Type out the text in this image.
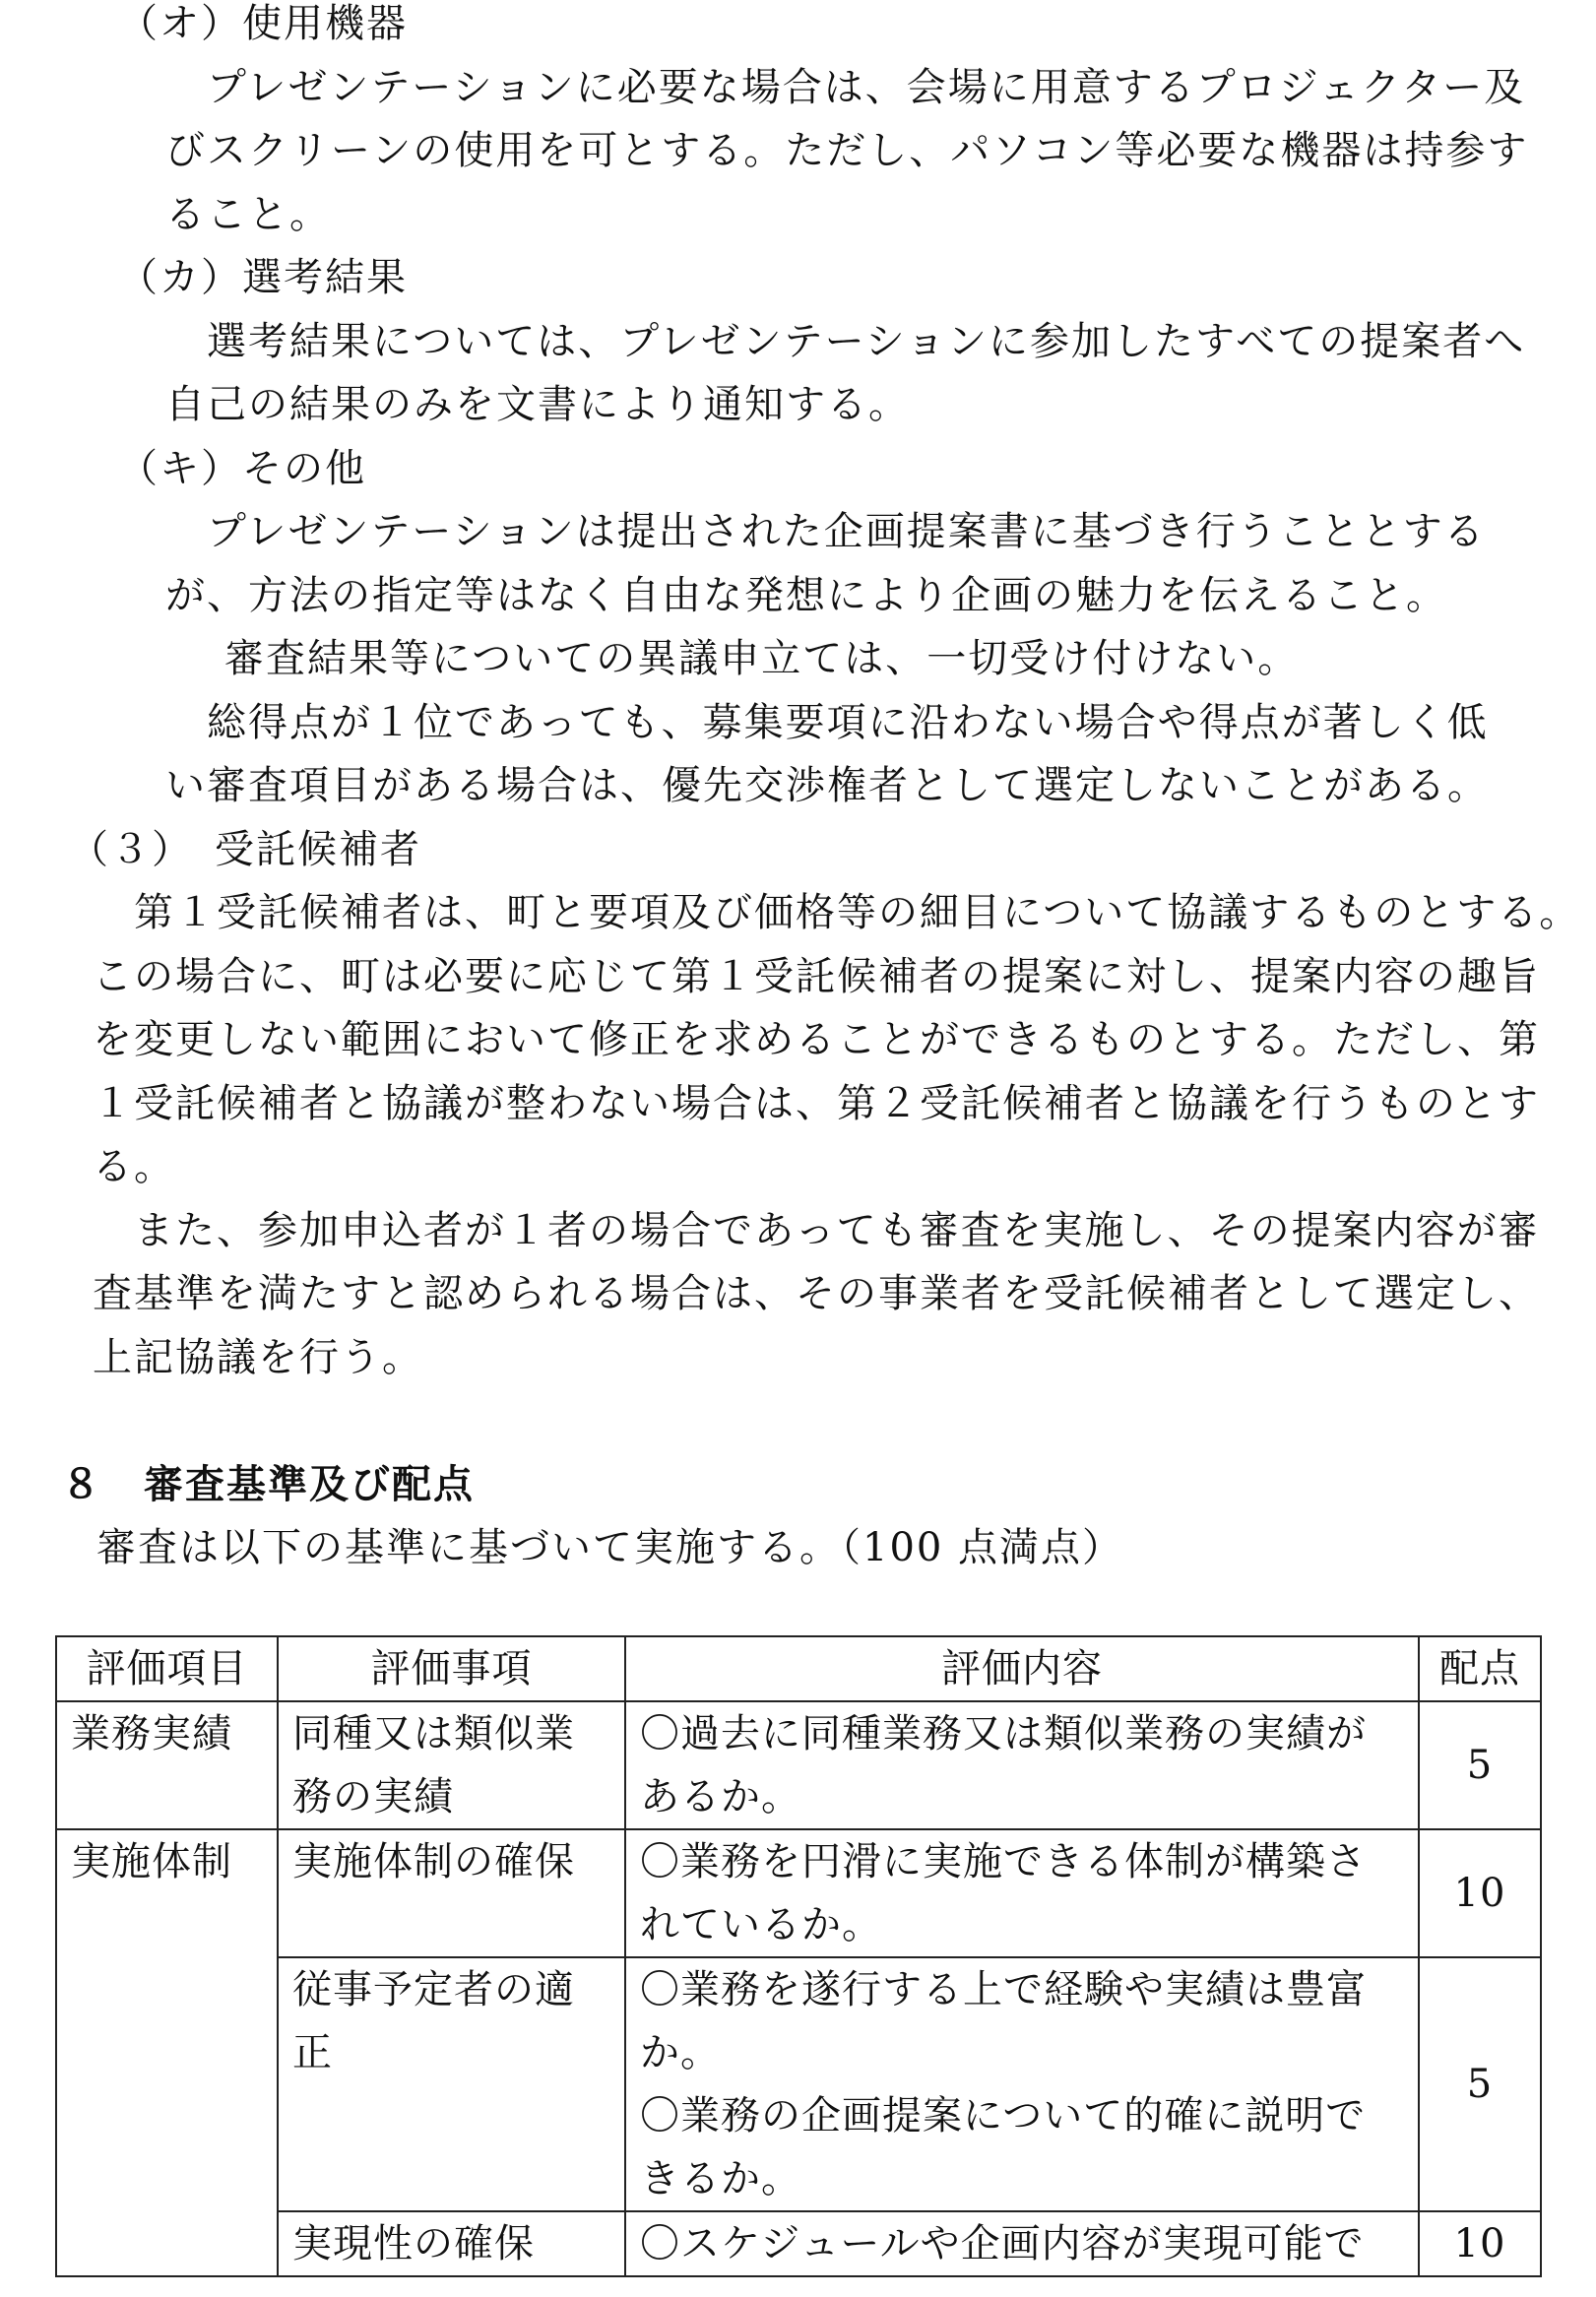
（オ）使用機器
プレゼンテーションに必要な場合は、会場に用意するプロジェクター及
びスクリーンの使用を可とする。ただし、パソコン等必要な機器は持参す
ること。
（カ）選考結果
選考結果については、プレゼンテーションに参加したすべての提案者へ
自己の結果のみを文書により通知する。
（キ）その他
プレゼンテーションは提出された企画提案書に基づき行うこととする
が、方法の指定等はなく自由な発想により企画の魅力を伝えること。
審査結果等についての異議申立ては、一切受け付けない。
総得点が１位であっても、募集要項に沿わない場合や得点が著しく低
い審査項目がある場合は、優先交渉権者として選定しないことがある。
（３）　受託候補者
第１受託候補者は、町と要項及び価格等の細目について協議するものとする。
この場合に、町は必要に応じて第１受託候補者の提案に対し、提案内容の趣旨
を変更しない範囲において修正を求めることができるものとする。ただし、第
１受託候補者と協議が整わない場合は、第２受託候補者と協議を行うものとす
る。
また、参加申込者が１者の場合であっても審査を実施し、その提案内容が審
査基準を満たすと認められる場合は、その事業者を受託候補者として選定し、
上記協議を行う。
８　審査基準及び配点
審査は以下の基準に基づいて実施する。（100 点満点）
評価項目	評価事項	評価内容	配点
業務実績	同種又は類似業
務の実績	〇過去に同種業務又は類似業務の実績が
あるか。	5
実施体制	実施体制の確保	〇業務を円滑に実施できる体制が構築さ
れているか。	10

	従事予定者の適
正	〇業務を遂行する上で経験や実績は豊富
か。
〇業務の企画提案について的確に説明で
きるか。	5

	実現性の確保	〇スケジュールや企画内容が実現可能で	10
